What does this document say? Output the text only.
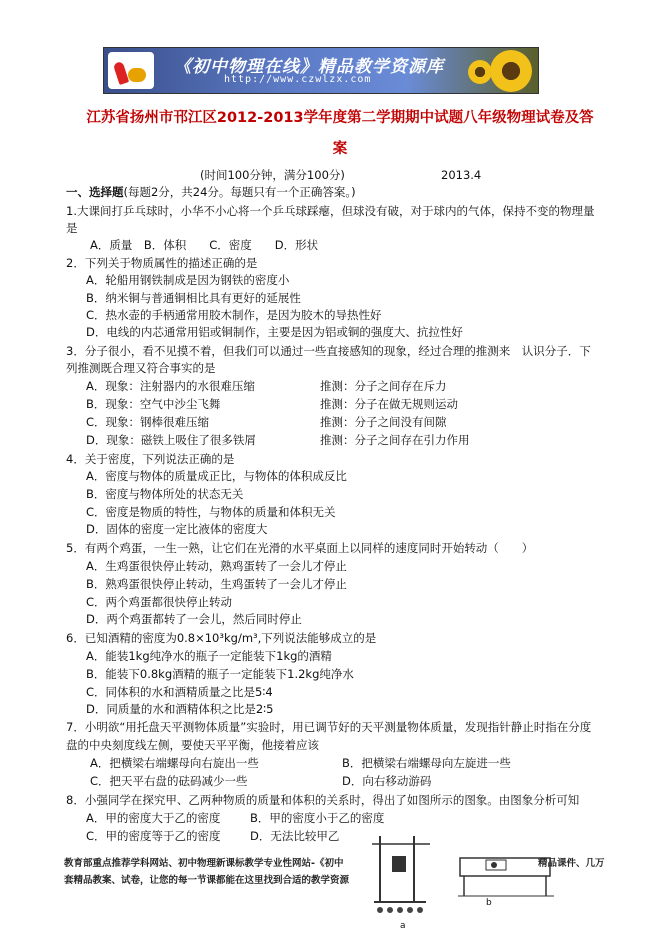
《初中物理在线》精品教学资源库
http://www.czwlzx.com
江苏省扬州市邗江区2012-2013学年度第二学期期中试题八年级物理试卷及答
案
(时间100分钟，满分100分)	2013.4
一、选择题(每题2分，共24分。每题只有一个正确答案。)
1.大课间打乒乓球时，小华不小心将一个乒乓球踩瘪，但球没有破，对于球内的气体，保持不变的物理量
是
A．质量　B．体积　　C．密度　　D．形状
2．下列关于物质属性的描述正确的是
A．轮船用钢铁制成是因为钢铁的密度小
B．纳米铜与普通铜相比具有更好的延展性
C．热水壶的手柄通常用胶木制作，是因为胶木的导热性好
D．电线的内芯通常用铝或铜制作，主要是因为铝或铜的强度大、抗拉性好
3．分子很小，看不见摸不着，但我们可以通过一些直接感知的现象，经过合理的推测来　认识分子．下
列推测既合理又符合事实的是
A．现象：注射器内的水很难压缩	推测：分子之间存在斥力
B．现象：空气中沙尘飞舞	推测：分子在做无规则运动
C．现象：钢棒很难压缩	推测：分子之间没有间隙
D．现象：磁铁上吸住了很多铁屑	推测：分子之间存在引力作用
4．关于密度，下列说法正确的是
A．密度与物体的质量成正比，与物体的体积成反比
B．密度与物体所处的状态无关
C．密度是物质的特性，与物体的质量和体积无关
D．固体的密度一定比液体的密度大
5．有两个鸡蛋，一生一熟，让它们在光滑的水平桌面上以同样的速度同时开始转动（　　）
A．生鸡蛋很快停止转动，熟鸡蛋转了一会儿才停止
B．熟鸡蛋很快停止转动，生鸡蛋转了一会儿才停止
C．两个鸡蛋都很快停止转动
D．两个鸡蛋都转了一会儿，然后同时停止
6．已知酒精的密度为0.8×10³kg/m³,下列说法能够成立的是
A．能装1kg纯净水的瓶子一定能装下1kg的酒精
B．能装下0.8kg酒精的瓶子一定能装下1.2kg纯净水
C．同体积的水和酒精质量之比是5∶4
D．同质量的水和酒精体积之比是2∶5
7．小明欲“用托盘天平测物体质量”实验时，用已调节好的天平测量物体质量，发现指针静止时指在分度
盘的中央刻度线左侧，要使天平平衡，他接着应该
A．把横梁右端螺母向右旋出一些	B．把横梁右端螺母向左旋进一些
C．把天平右盘的砝码减少一些	D．向右移动游码
8．小强同学在探究甲、乙两种物质的质量和体积的关系时，得出了如图所示的图象。由图象分析可知
A．甲的密度大于乙的密度	B．甲的密度小于乙的密度
C．甲的密度等于乙的密度	D．无法比较甲乙
a
b
教育部重点推荐学科网站、初中物理新课标教学专业性网站-《初中	精品课件、几万
套精品教案、试卷，让您的每一节课都能在这里找到合适的教学资源
